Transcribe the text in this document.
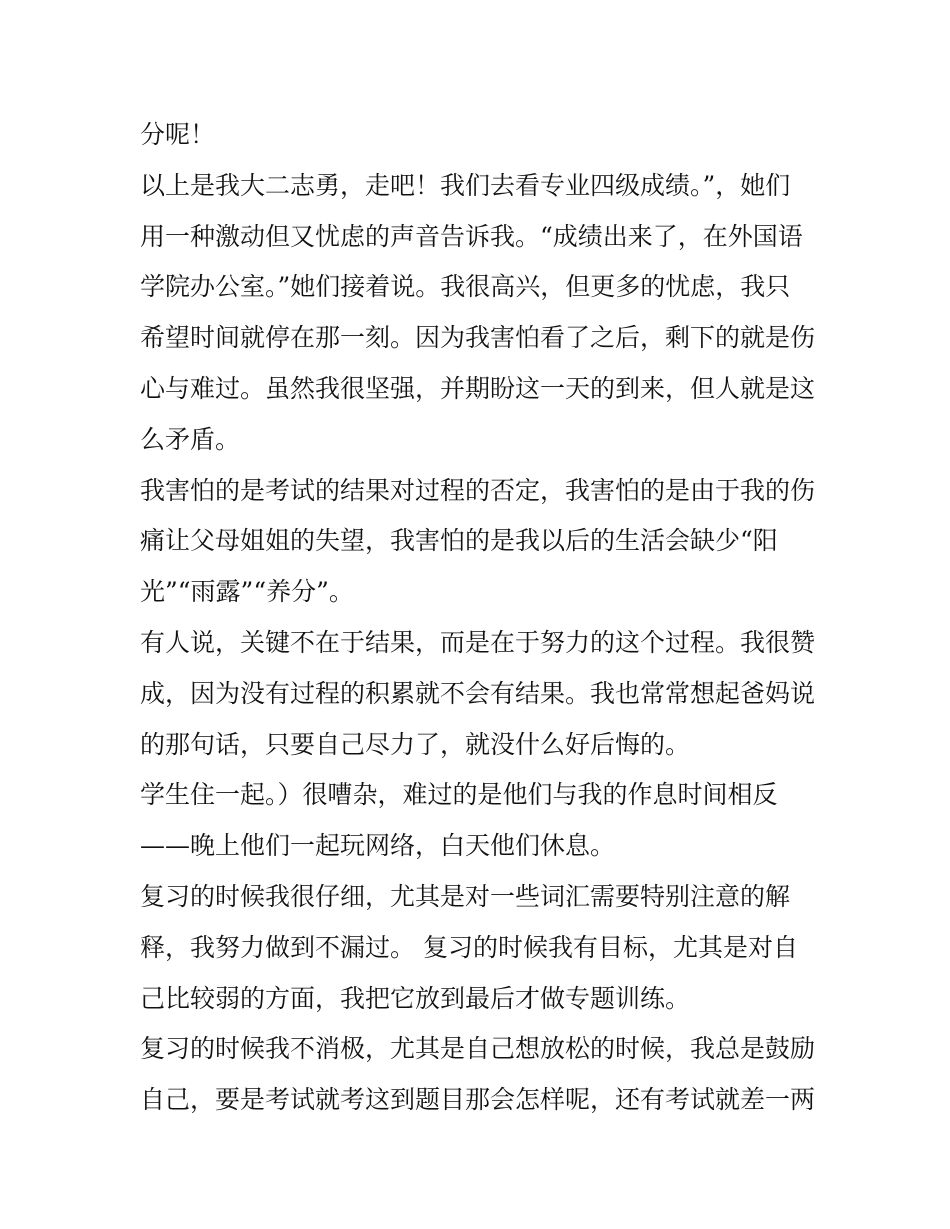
分呢！
以上是我大二志勇，走吧！我们去看专业四级成绩。”，她们
用一种激动但又忧虑的声音告诉我。“成绩出来了，在外国语
学院办公室。”她们接着说。我很高兴，但更多的忧虑，我只
希望时间就停在那一刻。因为我害怕看了之后，剩下的就是伤
心与难过。虽然我很坚强，并期盼这一天的到来，但人就是这
么矛盾。
我害怕的是考试的结果对过程的否定，我害怕的是由于我的伤
痛让父母姐姐的失望，我害怕的是我以后的生活会缺少“阳
光”“雨露”“养分”。
有人说，关键不在于结果，而是在于努力的这个过程。我很赞
成，因为没有过程的积累就不会有结果。我也常常想起爸妈说
的那句话，只要自己尽力了，就没什么好后悔的。
学生住一起。）很嘈杂，难过的是他们与我的作息时间相反
——晚上他们一起玩网络，白天他们休息。
复习的时候我很仔细，尤其是对一些词汇需要特别注意的解
释，我努力做到不漏过。 复习的时候我有目标，尤其是对自
己比较弱的方面，我把它放到最后才做专题训练。
复习的时候我不消极，尤其是自己想放松的时候，我总是鼓励
自己，要是考试就考这到题目那会怎样呢，还有考试就差一两
